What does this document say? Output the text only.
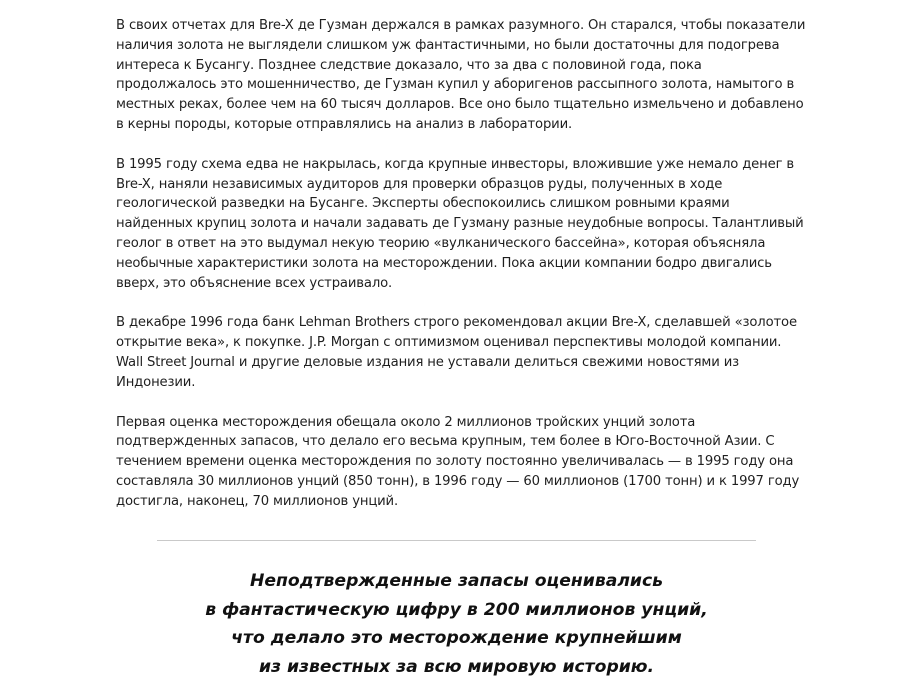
В своих отчетах для Bre-X де Гузман держался в рамках разумного. Он старался, чтобы показатели наличия золота не выглядели слишком уж фантастичными, но были достаточны для подогрева интереса к Бусангу. Позднее следствие доказало, что за два с половиной года, пока продолжалось это мошенничество, де Гузман купил у аборигенов рассыпного золота, намытого в местных реках, более чем на 60 тысяч долларов. Все оно было тщательно измельчено и добавлено в керны породы, которые отправлялись на анализ в лаборатории.

В 1995 году схема едва не накрылась, когда крупные инвесторы, вложившие уже немало денег в Bre-X, наняли независимых аудиторов для проверки образцов руды, полученных в ходе геологической разведки на Бусанге. Эксперты обеспокоились слишком ровными краями найденных крупиц золота и начали задавать де Гузману разные неудобные вопросы. Талантливый геолог в ответ на это выдумал некую теорию «вулканического бассейна», которая объясняла необычные характеристики золота на месторождении. Пока акции компании бодро двигались вверх, это объяснение всех устраивало.

В декабре 1996 года банк Lehman Brothers строго рекомендовал акции Bre-X, сделавшей «золотое открытие века», к покупке. J.P. Morgan с оптимизмом оценивал перспективы молодой компании. Wall Street Journal и другие деловые издания не уставали делиться свежими новостями из Индонезии.

Первая оценка месторождения обещала около 2 миллионов тройских унций золота подтвержденных запасов, что делало его весьма крупным, тем более в Юго-Восточной Азии. С течением времени оценка месторождения по золоту постоянно увеличивалась — в 1995 году она составляла 30 миллионов унций (850 тонн), в 1996 году — 60 миллионов (1700 тонн) и к 1997 году достигла, наконец, 70 миллионов унций.

Неподтвержденные запасы оценивались
в фантастическую цифру в 200 миллионов унций,
что делало это месторождение крупнейшим
из известных за всю мировую историю.
